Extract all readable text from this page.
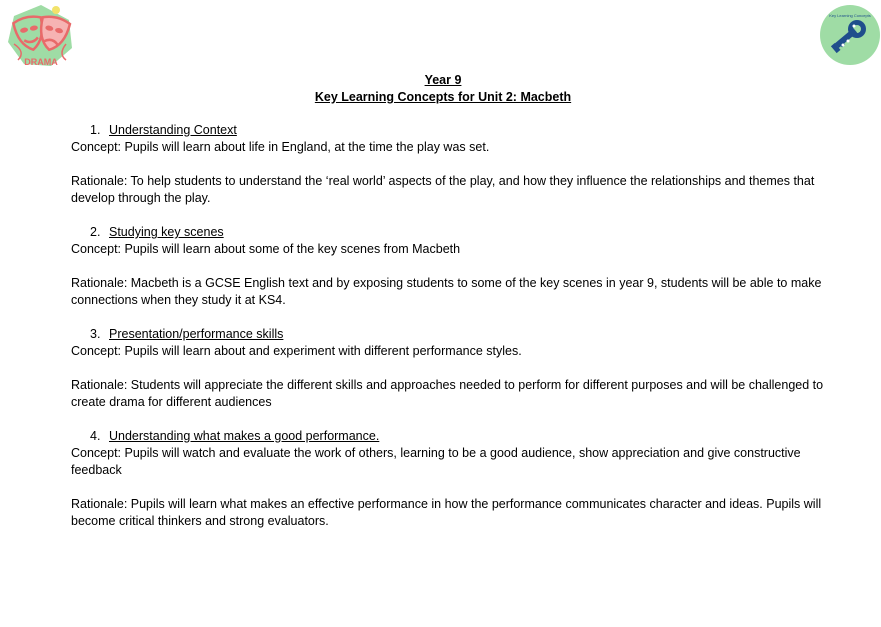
DRAMA
Key Learning Concepts
Year 9
Key Learning Concepts for Unit 2: Macbeth
1. Understanding Context

Concept: Pupils will learn about life in England, at the time the play was set.

Rationale: To help students to understand the ‘real world’ aspects of the play, and how they influence the relationships and themes that develop through the play.

2. Studying key scenes

Concept: Pupils will learn about some of the key scenes from Macbeth

Rationale: Macbeth is a GCSE English text and by exposing students to some of the key scenes in year 9, students will be able to make connections when they study it at KS4.

3. Presentation/performance skills

Concept: Pupils will learn about and experiment with different performance styles.

Rationale: Students will appreciate the different skills and approaches needed to perform for different purposes and will be challenged to create drama for different audiences

4. Understanding what makes a good performance.

Concept: Pupils will watch and evaluate the work of others, learning to be a good audience, show appreciation and give constructive feedback

Rationale: Pupils will learn what makes an effective performance in how the performance communicates character and ideas. Pupils will become critical thinkers and strong evaluators.
